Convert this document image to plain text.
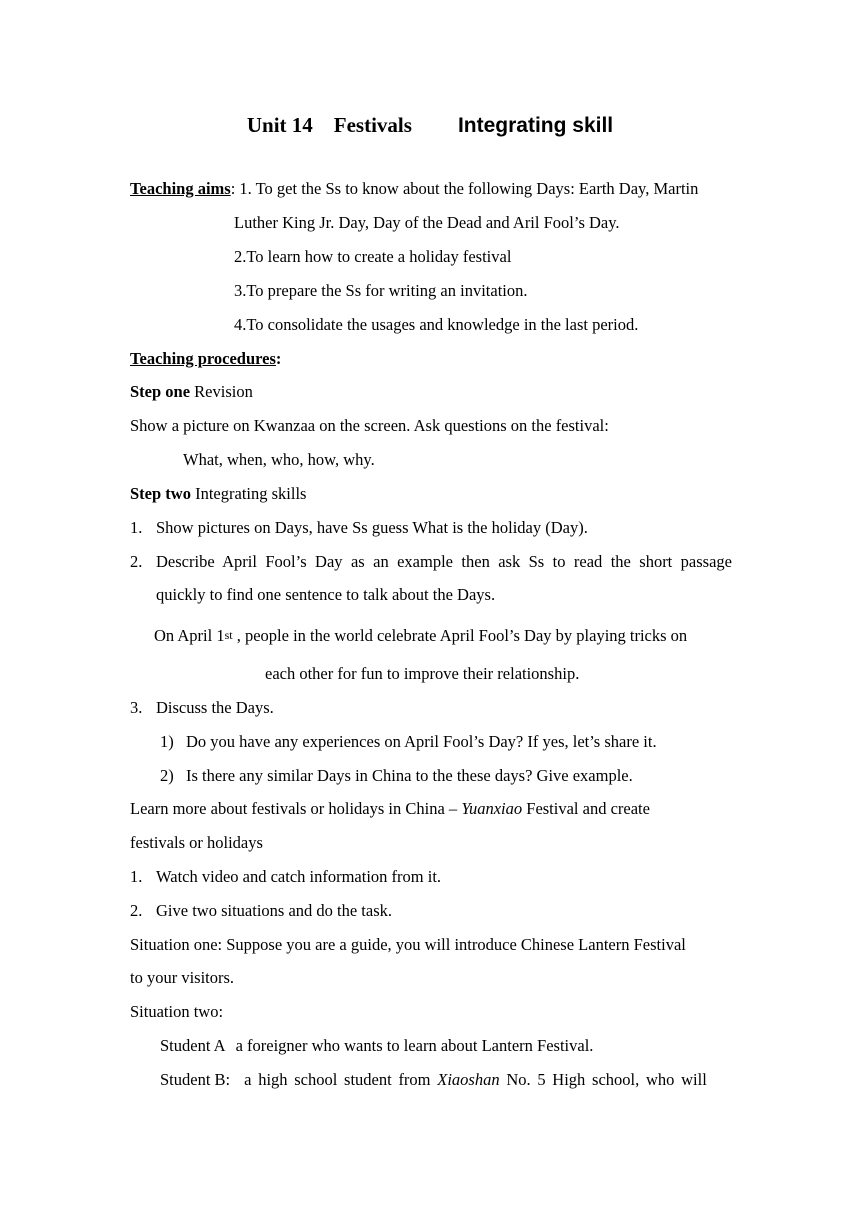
Unit 14    Festivals Integrating skill
Teaching aims: 1. To get the Ss to know about the following Days: Earth Day, Martin
Luther King Jr. Day, Day of the Dead and Aril Fool’s Day.
2.To learn how to create a holiday festival
3.To prepare the Ss for writing an invitation.
4.To consolidate the usages and knowledge in the last period.
Teaching procedures:
Step one Revision
Show a picture on Kwanzaa on the screen. Ask questions on the festival:
What, when, who, how, why.
Step two Integrating skills
1. Show pictures on Days, have Ss guess What is the holiday (Day).
2. Describe April Fool’s Day as an example then ask Ss to read the short passage
quickly to find one sentence to talk about the Days.
On April 1st , people in the world celebrate April Fool’s Day by playing tricks on
each other for fun to improve their relationship.
3. Discuss the Days.
1) Do you have any experiences on April Fool’s Day? If yes, let’s share it.
2) Is there any similar Days in China to the these days? Give example.
Learn more about festivals or holidays in China – Yuanxiao Festival and create
festivals or holidays
1. Watch video and catch information from it.
2. Give two situations and do the task.
Situation one: Suppose you are a guide, you will introduce Chinese Lantern Festival
to your visitors.
Situation two:
Student A a foreigner who wants to learn about Lantern Festival.
Student B: a high school student from Xiaoshan No. 5 High school, who will
